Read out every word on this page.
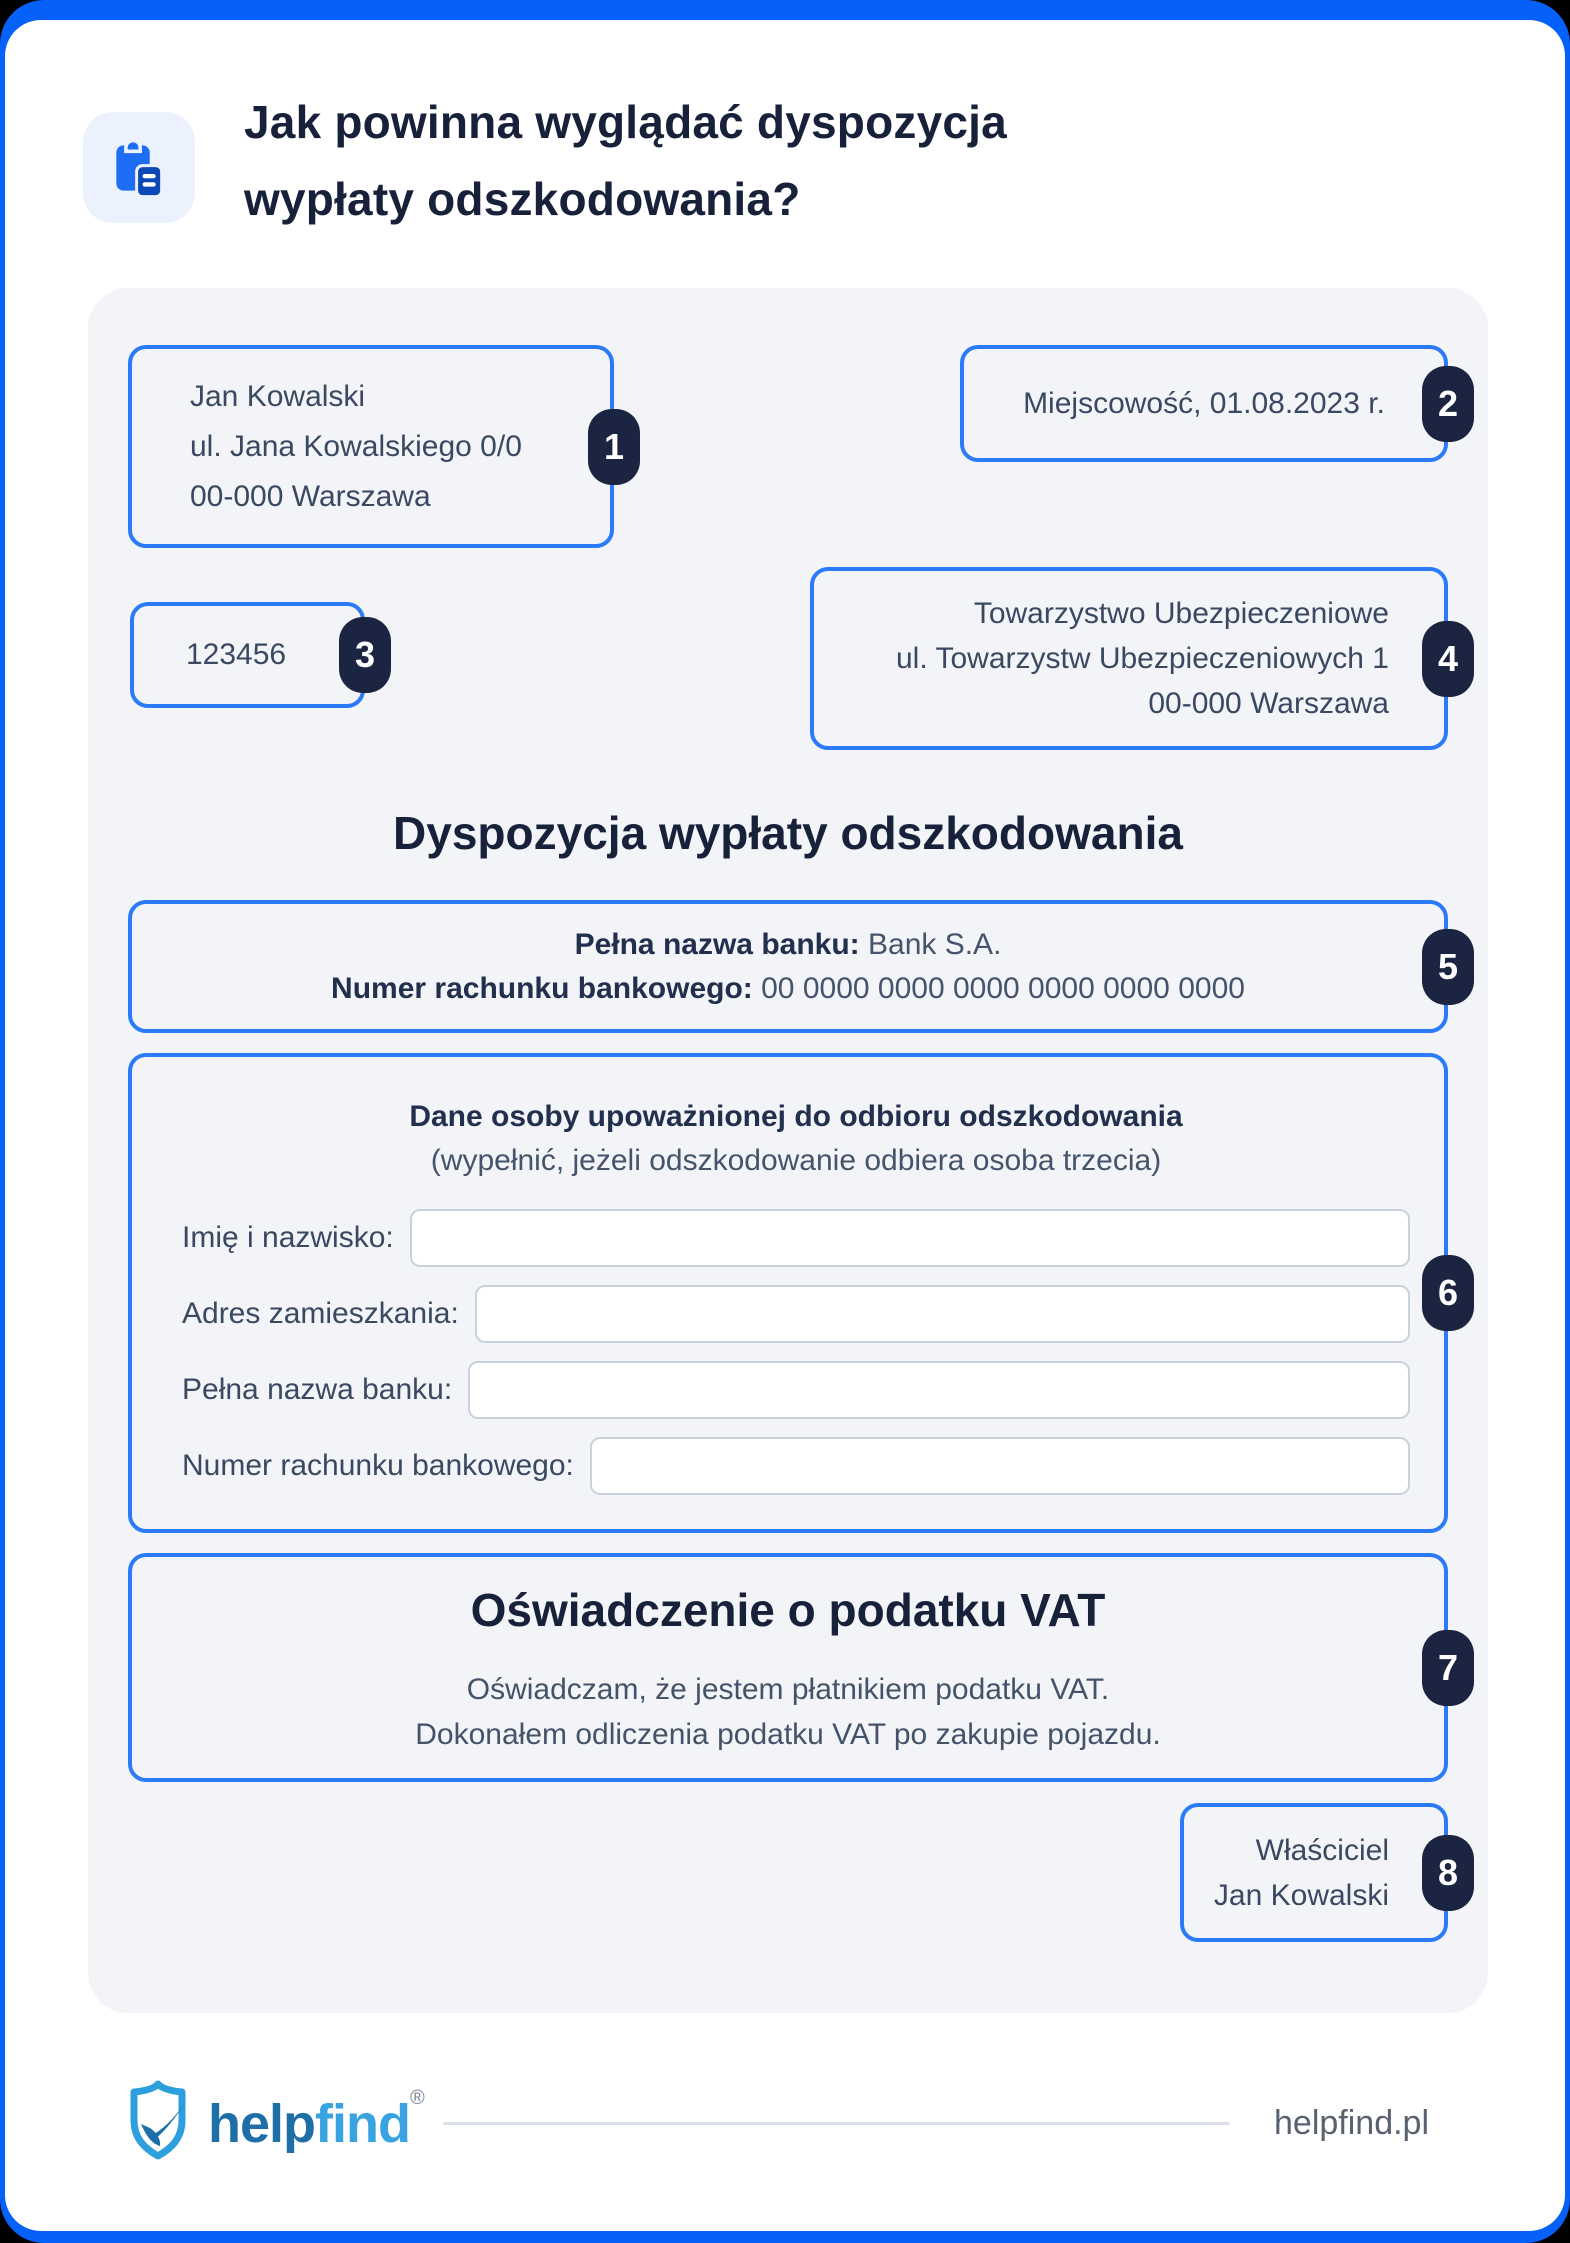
Jak powinna wyglądać dyspozycja
wypłaty odszkodowania?
Jan Kowalski
ul. Jana Kowalskiego 0/0
00-000 Warszawa
1
Miejscowość, 01.08.2023 r.	2
123456	3
Towarzystwo Ubezpieczeniowe
ul. Towarzystw Ubezpieczeniowych 1
00-000 Warszawa
4
Dyspozycja wypłaty odszkodowania
Pełna nazwa banku: Bank S.A.
Numer rachunku bankowego: 00 0000 0000 0000 0000 0000 0000
5
Dane osoby upoważnionej do odbioru odszkodowania
(wypełnić, jeżeli odszkodowanie odbiera osoba trzecia)
Imię i nazwisko:
Adres zamieszkania:
Pełna nazwa banku:
Numer rachunku bankowego:
6
Oświadczenie o podatku VAT
Oświadczam, że jestem płatnikiem podatku VAT.
Dokonałem odliczenia podatku VAT po zakupie pojazdu.
7
Właściciel
Jan Kowalski
8
helpfind®
helpfind.pl
